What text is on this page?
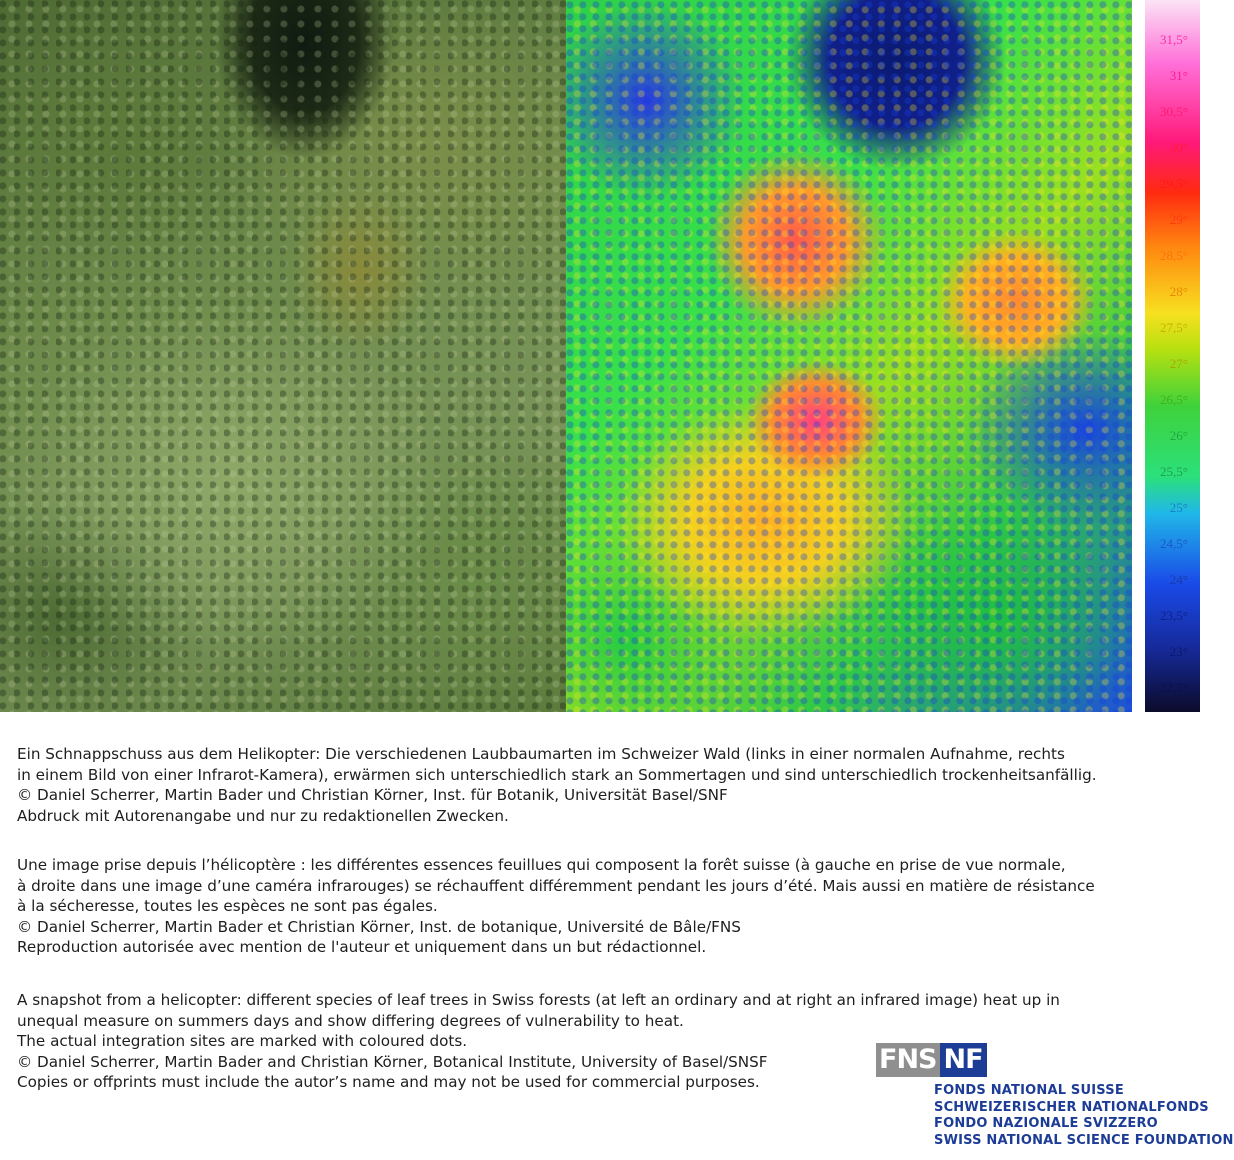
31,5°
31°
30,5°
30°
29,5°
29°
28,5°
28°
27,5°
27°
26,5°
26°
25,5°
25°
24,5°
24°
23,5°
23°
22,5°

Ein Schnappschuss aus dem Helikopter: Die verschiedenen Laubbaumarten im Schweizer Wald (links in einer normalen Aufnahme, rechts
in einem Bild von einer Infrarot-Kamera), erwärmen sich unterschiedlich stark an Sommertagen und sind unterschiedlich trockenheitsanfällig.

© Daniel Scherrer, Martin Bader und Christian Körner, Inst. für Botanik, Universität Basel/SNF

Abdruck mit Autorenangabe und nur zu redaktionellen Zwecken.

Une image prise depuis l’hélicoptère : les différentes essences feuillues qui composent la forêt suisse (à gauche en prise de vue normale,
à droite dans une image d’une caméra infrarouges) se réchauffent différemment pendant les jours d’été. Mais aussi en matière de résistance
à la sécheresse, toutes les espèces ne sont pas égales.

© Daniel Scherrer, Martin Bader et Christian Körner, Inst. de botanique, Université de Bâle/FNS

Reproduction autorisée avec mention de l'auteur et uniquement dans un but rédactionnel.

A snapshot from a helicopter: different species of leaf trees in Swiss forests (at left an ordinary and at right an infrared image) heat up in
unequal measure on summers days and show differing degrees of vulnerability to heat.
The actual integration sites are marked with coloured dots.

© Daniel Scherrer, Martin Bader and Christian Körner, Botanical Institute, University of Basel/SNSF

Copies or offprints must include the autor’s name and may not be used for commercial purposes.

FNS NF
FONDS NATIONAL SUISSE
SCHWEIZERISCHER NATIONALFONDS
FONDO NAZIONALE SVIZZERO
SWISS NATIONAL SCIENCE FOUNDATION
